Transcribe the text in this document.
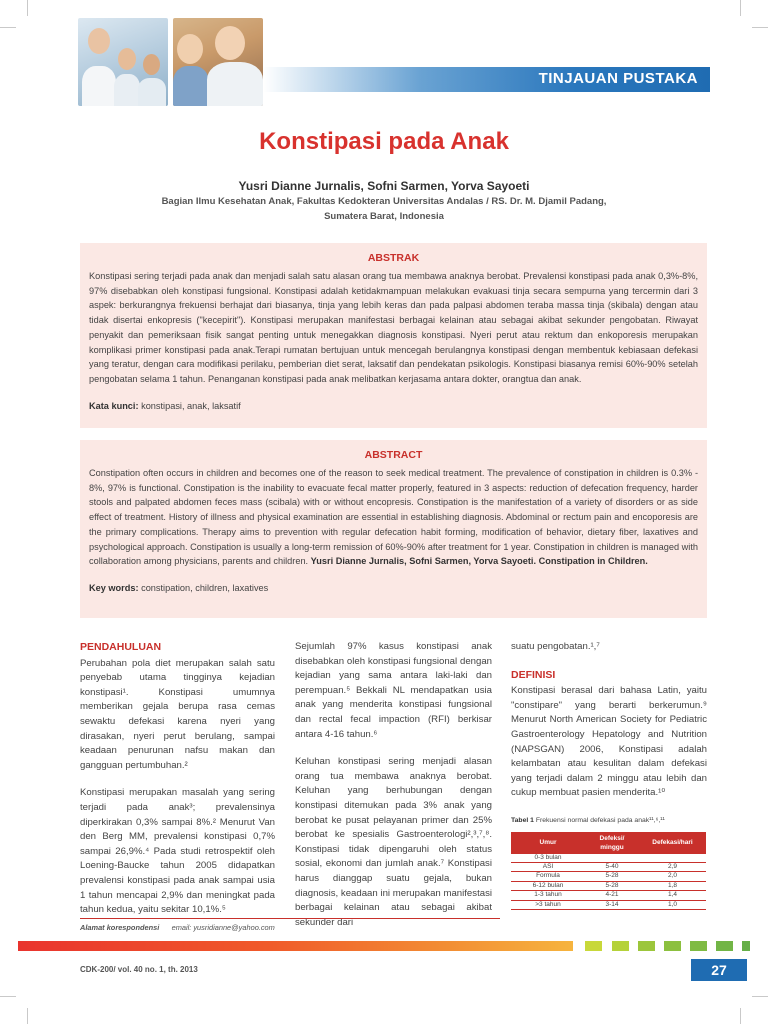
TINJAUAN PUSTAKA
Konstipasi pada Anak
Yusri Dianne Jurnalis, Sofni Sarmen, Yorva Sayoeti
Bagian Ilmu Kesehatan Anak, Fakultas Kedokteran Universitas Andalas / RS. Dr. M. Djamil Padang, Sumatera Barat, Indonesia
ABSTRAK
Konstipasi sering terjadi pada anak dan menjadi salah satu alasan orang tua membawa anaknya berobat. Prevalensi konstipasi pada anak 0,3%-8%, 97% disebabkan oleh konstipasi fungsional. Konstipasi adalah ketidakmampuan melakukan evakuasi tinja secara sempurna yang tercermin dari 3 aspek: berkurangnya frekuensi berhajat dari biasanya, tinja yang lebih keras dan pada palpasi abdomen teraba massa tinja (skibala) dengan atau tidak disertai enkopresis ("kecepirit"). Konstipasi merupakan manifestasi berbagai kelainan atau sebagai akibat sekunder pengobatan. Riwayat penyakit dan pemeriksaan fisik sangat penting untuk menegakkan diagnosis konstipasi. Nyeri perut atau rektum dan enkoporesis merupakan komplikasi primer konstipasi pada anak.Terapi rumatan bertujuan untuk mencegah berulangnya konstipasi dengan membentuk kebiasaan defekasi yang teratur, dengan cara modifikasi perilaku, pemberian diet serat, laksatif dan pendekatan psikologis. Konstipasi biasanya remisi 60%-90% setelah pengobatan selama 1 tahun. Penanganan konstipasi pada anak melibatkan kerjasama antara dokter, orangtua dan anak.
Kata kunci: konstipasi, anak, laksatif
ABSTRACT
Constipation often occurs in children and becomes one of the reason to seek medical treatment. The prevalence of constipation in children is 0.3% - 8%, 97% is functional. Constipation is the inability to evacuate fecal matter properly, featured in 3 aspects: reduction of defecation frequency, harder stools and palpated abdomen feces mass (scibala) with or without encopresis. Constipation is the manifestation of a variety of disorders or as side effect of treatment. History of illness and physical examination are essential in establishing diagnosis. Abdominal or rectum pain and encoporesis are the primary complications. Therapy aims to prevention with regular defecation habit forming, modification of behavior, dietary fiber, laxatives and psychological approach. Constipation is usually a long-term remission of 60%-90% after treatment for 1 year. Constipation in children is managed with collaboration among physicians, parents and children. Yusri Dianne Jurnalis, Sofni Sarmen, Yorva Sayoeti. Constipation in Children.
Key words: constipation, children, laxatives
PENDAHULUAN

Perubahan pola diet merupakan salah satu penyebab utama tingginya kejadian konstipasi¹. Konstipasi umumnya memberikan gejala berupa rasa cemas sewaktu defekasi karena nyeri yang dirasakan, nyeri perut berulang, sampai keadaan penurunan nafsu makan dan gangguan pertumbuhan.²

Konstipasi merupakan masalah yang sering terjadi pada anak³; prevalensinya diperkirakan 0,3% sampai 8%.² Menurut Van den Berg MM, prevalensi konstipasi 0,7% sampai 26,9%.⁴ Pada studi retrospektif oleh Loening-Baucke tahun 2005 didapatkan prevalensi konstipasi pada anak sampai usia 1 tahun mencapai 2,9% dan meningkat pada tahun kedua, yaitu sekitar 10,1%.⁵

Sejumlah 97% kasus konstipasi anak disebabkan oleh konstipasi fungsional dengan kejadian yang sama antara laki-laki dan perempuan.⁵ Bekkali NL mendapatkan usia anak yang menderita konstipasi fungsional dan rectal fecal impaction (RFI) berkisar antara 4-16 tahun.⁶

Keluhan konstipasi sering menjadi alasan orang tua membawa anaknya berobat. Keluhan yang berhubungan dengan konstipasi ditemukan pada 3% anak yang berobat ke pusat pelayanan primer dan 25% berobat ke spesialis Gastroenterologi²,³,⁷,⁸. Konstipasi tidak dipengaruhi oleh status sosial, ekonomi dan jumlah anak.⁷ Konstipasi harus dianggap suatu gejala, bukan diagnosis, keadaan ini merupakan manifestasi berbagai kelainan atau sebagai akibat sekunder dari

suatu pengobatan.¹,⁷

DEFINISI

Konstipasi berasal dari bahasa Latin, yaitu "constipare" yang berarti berkerumun.⁹ Menurut North American Society for Pediatric Gastroenterology Hepatology and Nutrition (NAPSGAN) 2006, Konstipasi adalah kelambatan atau kesulitan dalam defekasi yang terjadi dalam 2 minggu atau lebih dan cukup membuat pasien menderita.¹⁰

Tabel 1 Frekuensi normal defekasi pada anak¹¹,⁶,¹¹
Umur	Defeksi/ minggu	Defekasi/hari
0-3 bulan		
ASI	5-40	2,9
Formula	5-28	2,0
6-12 bulan	5-28	1,8
1-3 tahun	4-21	1,4
>3 tahun	3-14	1,0
Alamat korespondensi email: yusridianne@yahoo.com
CDK-200/ vol. 40 no. 1, th. 2013	27
